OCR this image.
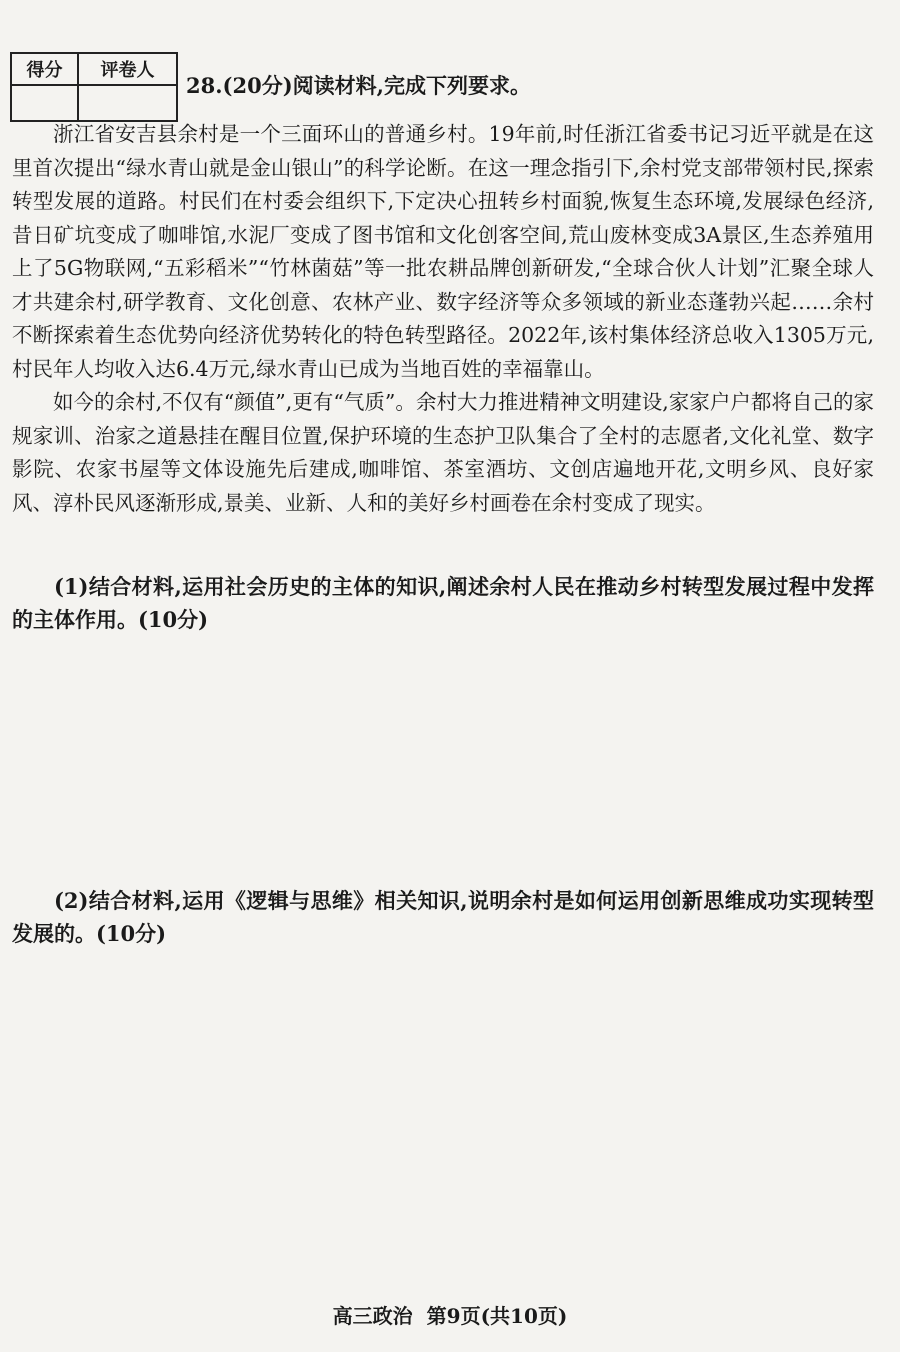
得分	评卷人

28.(20分)阅读材料,完成下列要求。

浙江省安吉县余村是一个三面环山的普通乡村。19年前,时任浙江省委书记习近平就是在这里首次提出“绿水青山就是金山银山”的科学论断。在这一理念指引下,余村党支部带领村民,探索转型发展的道路。村民们在村委会组织下,下定决心扭转乡村面貌,恢复生态环境,发展绿色经济,昔日矿坑变成了咖啡馆,水泥厂变成了图书馆和文化创客空间,荒山废林变成3A景区,生态养殖用上了5G物联网,“五彩稻米”“竹林菌菇”等一批农耕品牌创新研发,“全球合伙人计划”汇聚全球人才共建余村,研学教育、文化创意、农林产业、数字经济等众多领域的新业态蓬勃兴起……余村不断探索着生态优势向经济优势转化的特色转型路径。2022年,该村集体经济总收入1305万元,村民年人均收入达6.4万元,绿水青山已成为当地百姓的幸福靠山。

如今的余村,不仅有“颜值”,更有“气质”。余村大力推进精神文明建设,家家户户都将自己的家规家训、治家之道悬挂在醒目位置,保护环境的生态护卫队集合了全村的志愿者,文化礼堂、数字影院、农家书屋等文体设施先后建成,咖啡馆、茶室酒坊、文创店遍地开花,文明乡风、良好家风、淳朴民风逐渐形成,景美、业新、人和的美好乡村画卷在余村变成了现实。

(1)结合材料,运用社会历史的主体的知识,阐述余村人民在推动乡村转型发展过程中发挥的主体作用。(10分)

(2)结合材料,运用《逻辑与思维》相关知识,说明余村是如何运用创新思维成功实现转型发展的。(10分)

高三政治 第9页(共10页)
